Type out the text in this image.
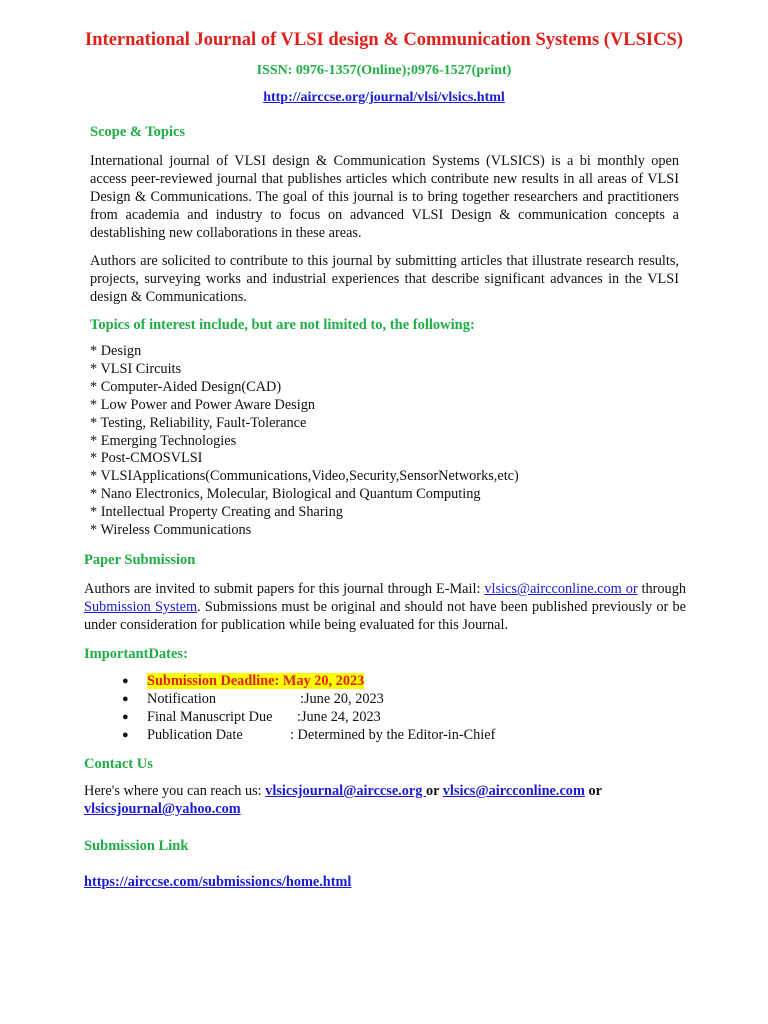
International Journal of VLSI design & Communication Systems (VLSICS)
ISSN: 0976-1357(Online);0976-1527(print)
http://airccse.org/journal/vlsi/vlsics.html
Scope & Topics

International journal of VLSI design & Communication Systems (VLSICS) is a bi monthly open access peer-reviewed journal that publishes articles which contribute new results in all areas of VLSI Design & Communications. The goal of this journal is to bring together researchers and practitioners from academia and industry to focus on advanced VLSI Design & communication concepts a destablishing new collaborations in these areas.

Authors are solicited to contribute to this journal by submitting articles that illustrate research results, projects, surveying works and industrial experiences that describe significant advances in the VLSI design & Communications.

Topics of interest include, but are not limited to, the following:
* Design
* VLSI Circuits
* Computer-Aided Design(CAD)
* Low Power and Power Aware Design
* Testing, Reliability, Fault-Tolerance
* Emerging Technologies
* Post-CMOSVLSI
* VLSIApplications(Communications,Video,Security,SensorNetworks,etc)
* Nano Electronics, Molecular, Biological and Quantum Computing
* Intellectual Property Creating and Sharing
* Wireless Communications
Paper Submission

Authors are invited to submit papers for this journal through E-Mail: vlsics@aircconline.com or through Submission System. Submissions must be original and should not have been published previously or be under consideration for publication while being evaluated for this Journal.

ImportantDates:
● Submission Deadline: May 20, 2023
● Notification	:June 20, 2023
● Final Manuscript Due :June 24, 2023
● Publication Date	: Determined by the Editor-in-Chief
Contact Us

Here's where you can reach us: vlsicsjournal@airccse.org or vlsics@aircconline.com or
vlsicsjournal@yahoo.com

Submission Link
https://airccse.com/submissioncs/home.html
